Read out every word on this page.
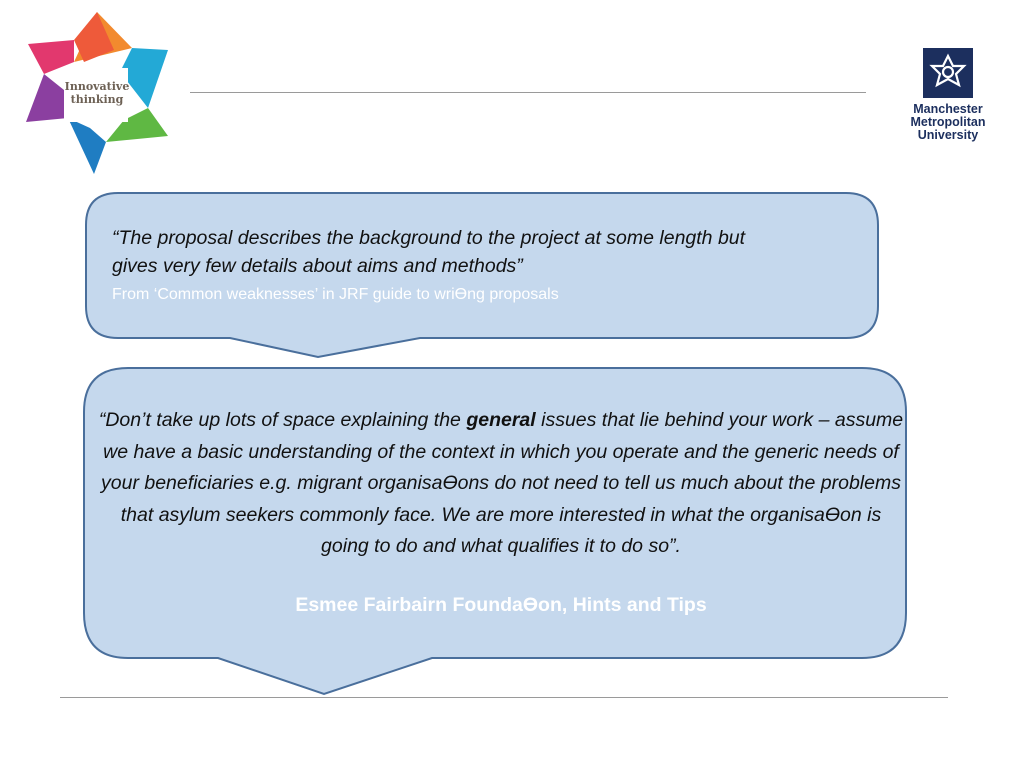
Innovative
thinking
Manchester
Metropolitan
University
“The proposal describes the background to the project at some length but
gives very few details about aims and methods”
From ‘Common weaknesses’ in JRF guide to wriƟng proposals
“Don’t take up lots of space explaining the general issues that lie behind your work – assume we have a basic understanding of the context in which you operate and the generic needs of your beneﬁciaries e.g. migrant organisaƟons do not need to tell us much about the problems that asylum seekers commonly face. We are more interested in what the organisaƟon is going to do and what qualiﬁes it to do so”.
Esmee Fairbairn FoundaƟon, Hints and Tips
